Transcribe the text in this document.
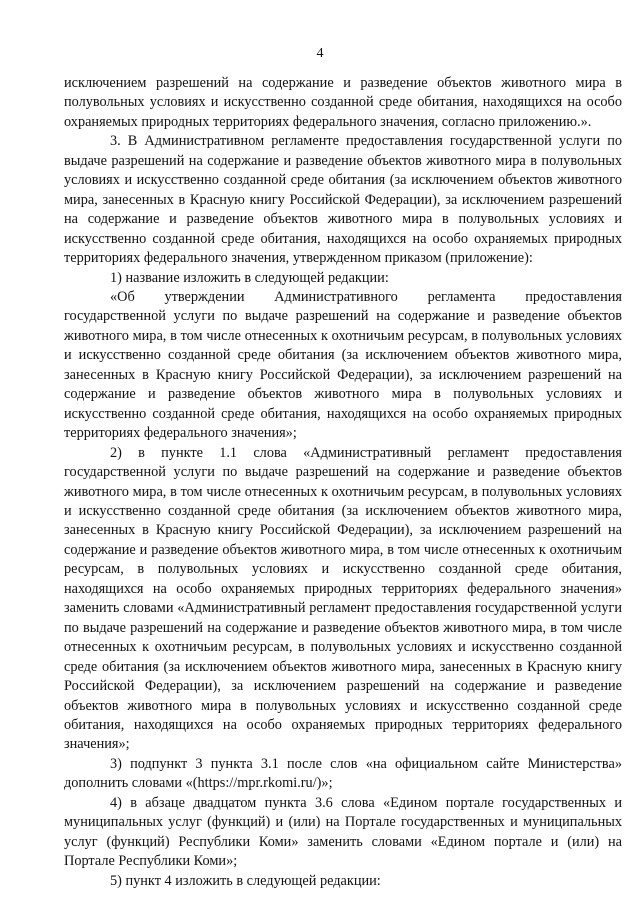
4

исключением разрешений на содержание и разведение объектов животного мира в полувольных условиях и искусственно созданной среде обитания, находящихся на особо охраняемых природных территориях федерального значения, согласно приложению.».

3. В Административном регламенте предоставления государственной услуги по выдаче разрешений на содержание и разведение объектов животного мира в полувольных условиях и искусственно созданной среде обитания (за исключением объектов животного мира, занесенных в Красную книгу Российской Федерации), за исключением разрешений на содержание и разведение объектов животного мира в полувольных условиях и искусственно созданной среде обитания, находящихся на особо охраняемых природных территориях федерального значения, утвержденном приказом (приложение):

1) название изложить в следующей редакции:

«Об утверждении Административного регламента предоставления государственной услуги по выдаче разрешений на содержание и разведение объектов животного мира, в том числе отнесенных к охотничьим ресурсам, в полувольных условиях и искусственно созданной среде обитания (за исключением объектов животного мира, занесенных в Красную книгу Российской Федерации), за исключением разрешений на содержание и разведение объектов животного мира в полувольных условиях и искусственно созданной среде обитания, находящихся на особо охраняемых природных территориях федерального значения»;

2) в пункте 1.1 слова «Административный регламент предоставления государственной услуги по выдаче разрешений на содержание и разведение объектов животного мира, в том числе отнесенных к охотничьим ресурсам, в полувольных условиях и искусственно созданной среде обитания (за исключением объектов животного мира, занесенных в Красную книгу Российской Федерации), за исключением разрешений на содержание и разведение объектов животного мира, в том числе отнесенных к охотничьим ресурсам, в полувольных условиях и искусственно созданной среде обитания, находящихся на особо охраняемых природных территориях федерального значения» заменить словами «Административный регламент предоставления государственной услуги по выдаче разрешений на содержание и разведение объектов животного мира, в том числе отнесенных к охотничьим ресурсам, в полувольных условиях и искусственно созданной среде обитания (за исключением объектов животного мира, занесенных в Красную книгу Российской Федерации), за исключением разрешений на содержание и разведение объектов животного мира в полувольных условиях и искусственно созданной среде обитания, находящихся на особо охраняемых природных территориях федерального значения»;

3) подпункт 3 пункта 3.1 после слов «на официальном сайте Министерства» дополнить словами «(https://mpr.rkomi.ru/)»;

4) в абзаце двадцатом пункта 3.6 слова «Едином портале государственных и муниципальных услуг (функций) и (или) на Портале государственных и муниципальных услуг (функций) Республики Коми» заменить словами «Едином портале и (или) на Портале Республики Коми»;

5) пункт 4 изложить в следующей редакции:
